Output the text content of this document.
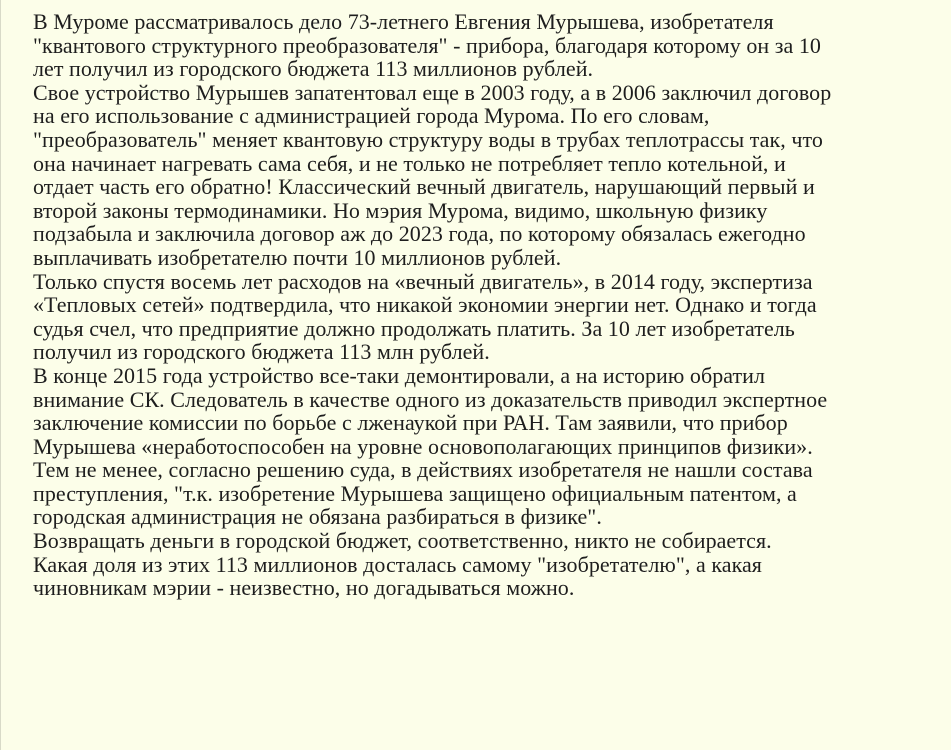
В Муроме рассматривалось дело 73-летнего Евгения Мурышева, изобретателя
"квантового структурного преобразователя" - прибора, благодаря которому он за 10
лет получил из городского бюджета 113 миллионов рублей.
Свое устройство Мурышев запатентовал еще в 2003 году, а в 2006 заключил договор
на его использование с администрацией города Мурома. По его словам,
"преобразователь" меняет квантовую структуру воды в трубах теплотрассы так, что
она начинает нагревать сама себя, и не только не потребляет тепло котельной, и
отдает часть его обратно! Классический вечный двигатель, нарушающий первый и
второй законы термодинамики. Но мэрия Мурома, видимо, школьную физику
подзабыла и заключила договор аж до 2023 года, по которому обязалась ежегодно
выплачивать изобретателю почти 10 миллионов рублей.
Только спустя восемь лет расходов на «вечный двигатель», в 2014 году, экспертиза
«Тепловых сетей» подтвердила, что никакой экономии энергии нет. Однако и тогда
судья счел, что предприятие должно продолжать платить. За 10 лет изобретатель
получил из городского бюджета 113 млн рублей.
В конце 2015 года устройство все-таки демонтировали, а на историю обратил
внимание СК. Следователь в качестве одного из доказательств приводил экспертное
заключение комиссии по борьбе с лженаукой при РАН. Там заявили, что прибор
Мурышева «неработоспособен на уровне основополагающих принципов физики».
Тем не менее, согласно решению суда, в действиях изобретателя не нашли состава
преступления, "т.к. изобретение Мурышева защищено официальным патентом, а
городская администрация не обязана разбираться в физике".
Возвращать деньги в городской бюджет, соответственно, никто не собирается.
Какая доля из этих 113 миллионов досталась самому "изобретателю", а какая
чиновникам мэрии - неизвестно, но догадываться можно.
